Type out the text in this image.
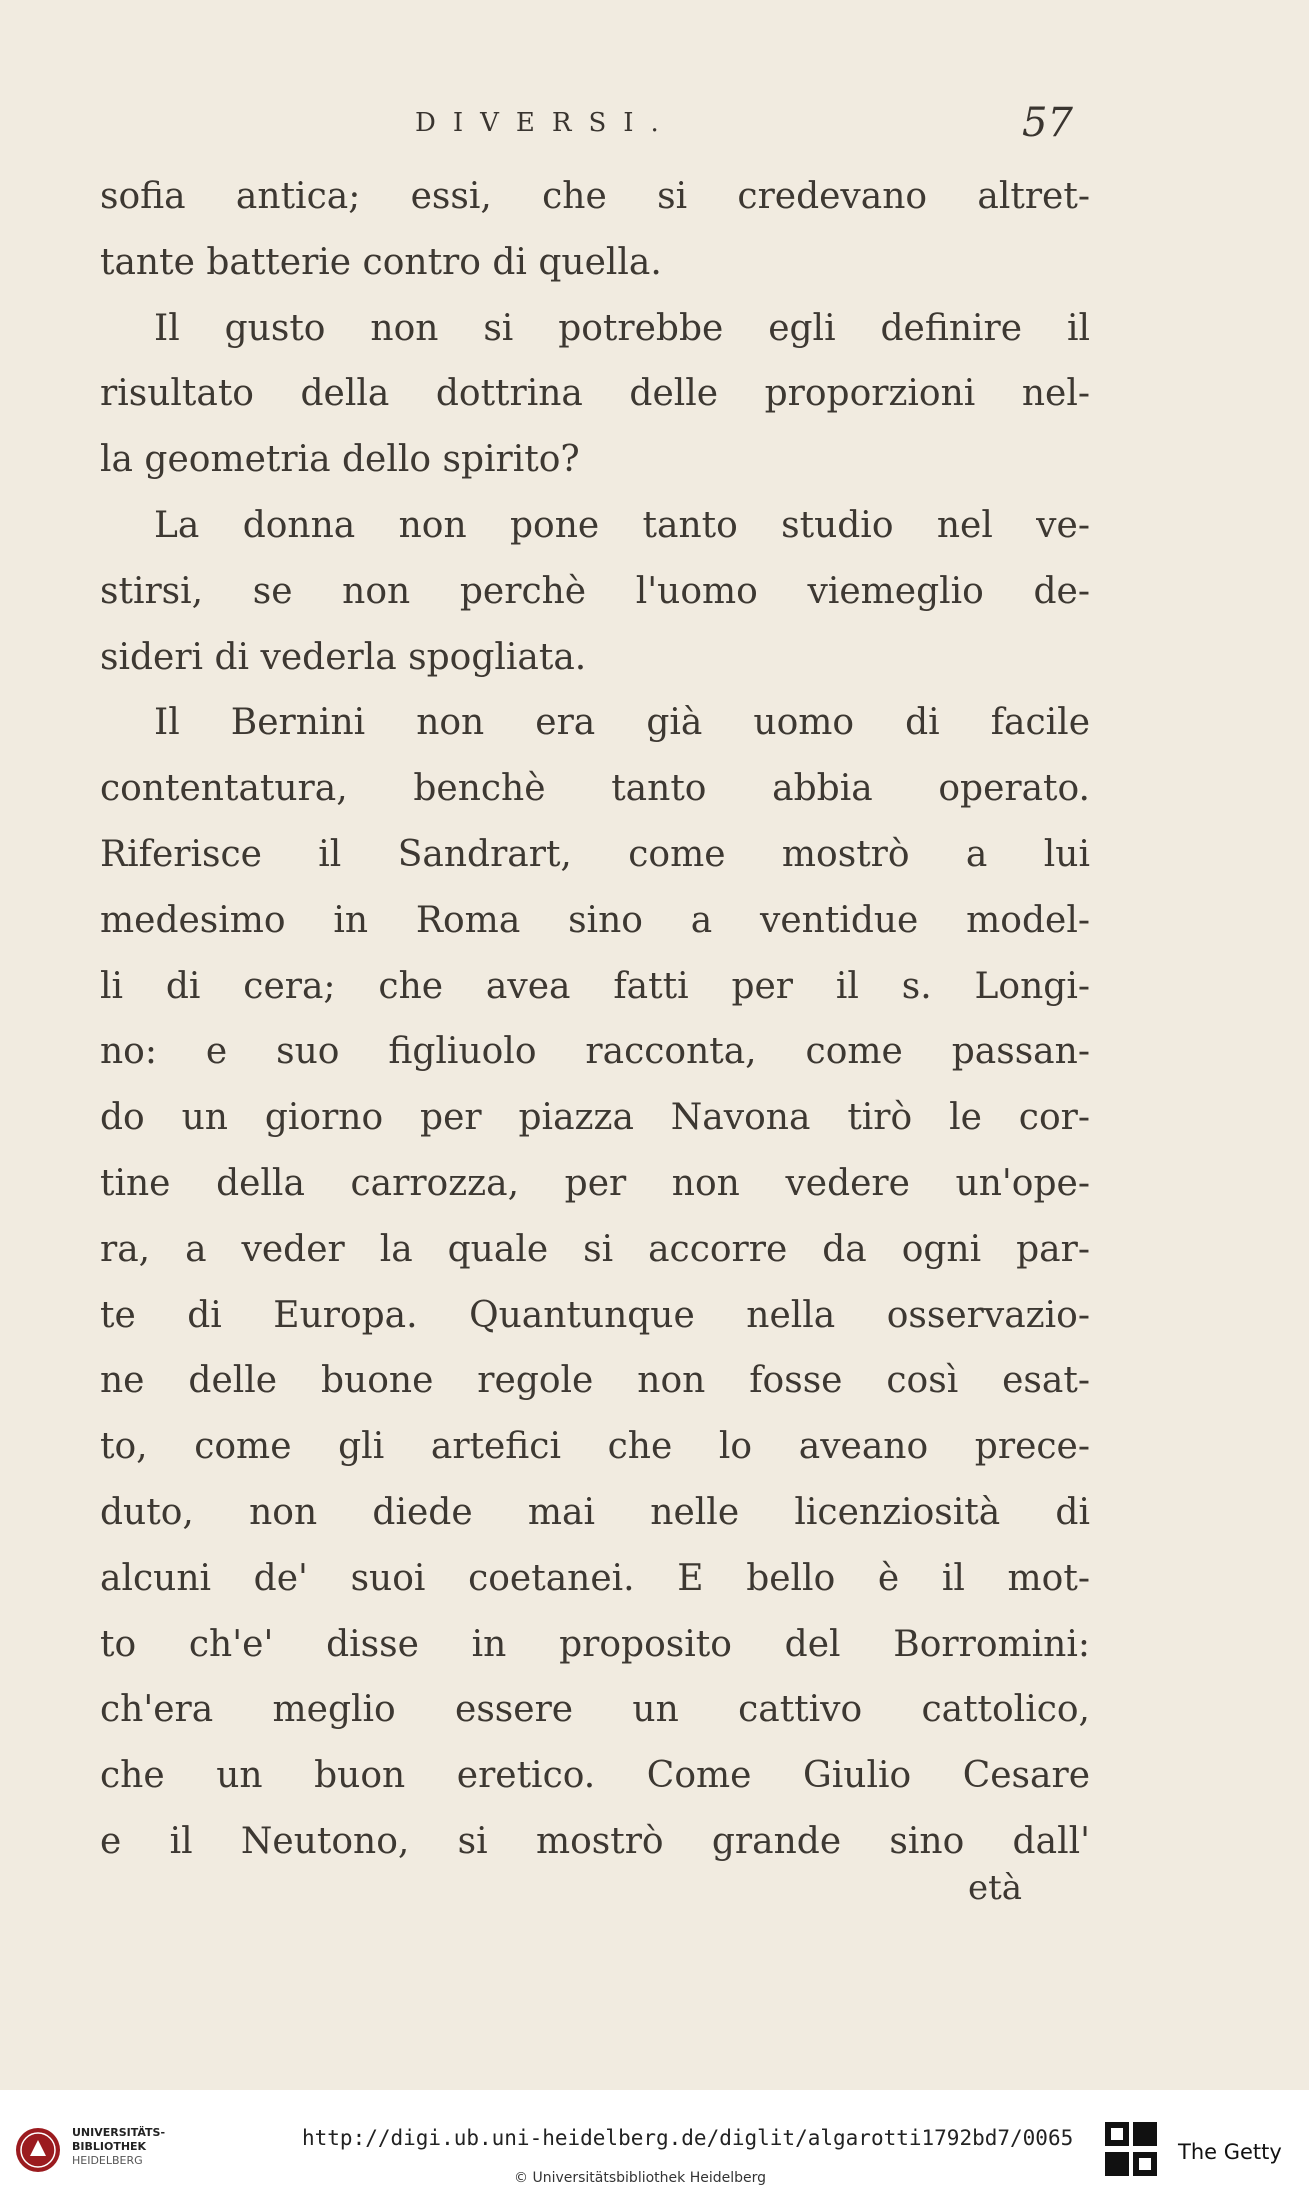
DIVERSI.	57
sofia antica; essi, che si credevano altret-
tante batterie contro di quella.
Il gusto non si potrebbe egli definire il
risultato della dottrina delle proporzioni nel-
la geometria dello spirito?
La donna non pone tanto studio nel ve-
stirsi, se non perchè l'uomo viemeglio de-
sideri di vederla spogliata.
Il Bernini non era già uomo di facile
contentatura, benchè tanto abbia operato.
Riferisce il Sandrart, come mostrò a lui
medesimo in Roma sino a ventidue model-
li di cera; che avea fatti per il s. Longi-
no: e suo figliuolo racconta, come passan-
do un giorno per piazza Navona tirò le cor-
tine della carrozza, per non vedere un'ope-
ra, a veder la quale si accorre da ogni par-
te di Europa. Quantunque nella osservazio-
ne delle buone regole non fosse così esat-
to, come gli artefici che lo aveano prece-
duto, non diede mai nelle licenziosità di
alcuni de' suoi coetanei. E bello è il mot-
to ch'e' disse in proposito del Borromini:
ch'era meglio essere un cattivo cattolico,
che un buon eretico. Come Giulio Cesare
e il Neutono, si mostrò grande sino dall'
età
UNIVERSITÄTS-
BIBLIOTHEK
HEIDELBERG
http://digi.ub.uni-heidelberg.de/diglit/algarotti1792bd7/0065
© Universitätsbibliothek Heidelberg
The Getty
